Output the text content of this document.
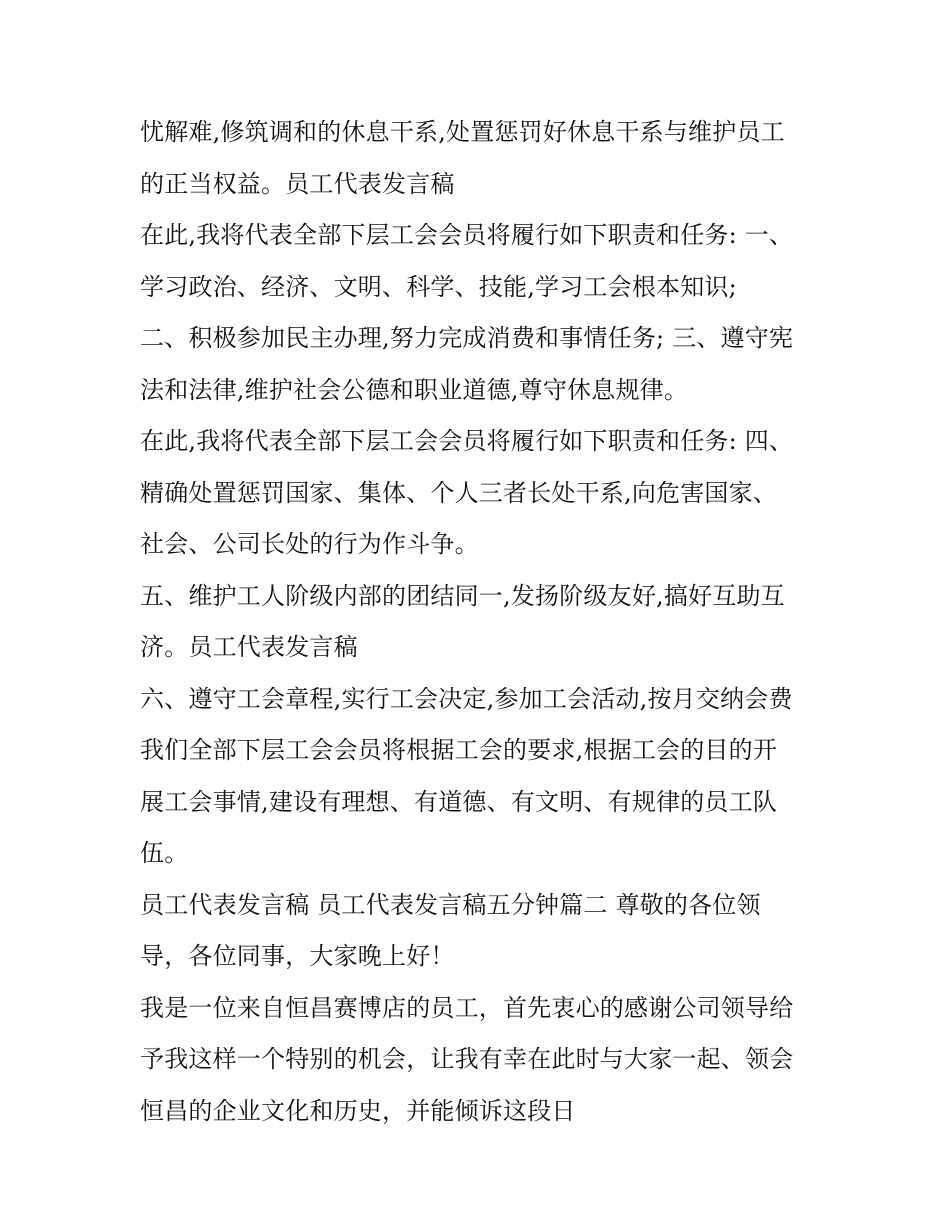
忧解难,修筑调和的休息干系,处置惩罚好休息干系与维护员工
的正当权益。员工代表发言稿
在此,我将代表全部下层工会会员将履行如下职责和任务: 一、
学习政治、经济、文明、科学、技能,学习工会根本知识;
二、积极参加民主办理,努力完成消费和事情任务; 三、遵守宪
法和法律,维护社会公德和职业道德,尊守休息规律。
在此,我将代表全部下层工会会员将履行如下职责和任务: 四、
精确处置惩罚国家、集体、个人三者长处干系,向危害国家、
社会、公司长处的行为作斗争。
五、维护工人阶级内部的团结同一,发扬阶级友好,搞好互助互
济。员工代表发言稿
六、遵守工会章程,实行工会决定,参加工会活动,按月交纳会费
我们全部下层工会会员将根据工会的要求,根据工会的目的开
展工会事情,建设有理想、有道德、有文明、有规律的员工队
伍。
员工代表发言稿 员工代表发言稿五分钟篇二 尊敬的各位领
导，各位同事，大家晚上好！
我是一位来自恒昌赛博店的员工，首先衷心的感谢公司领导给
予我这样一个特别的机会，让我有幸在此时与大家一起、领会
恒昌的企业文化和历史，并能倾诉这段日
